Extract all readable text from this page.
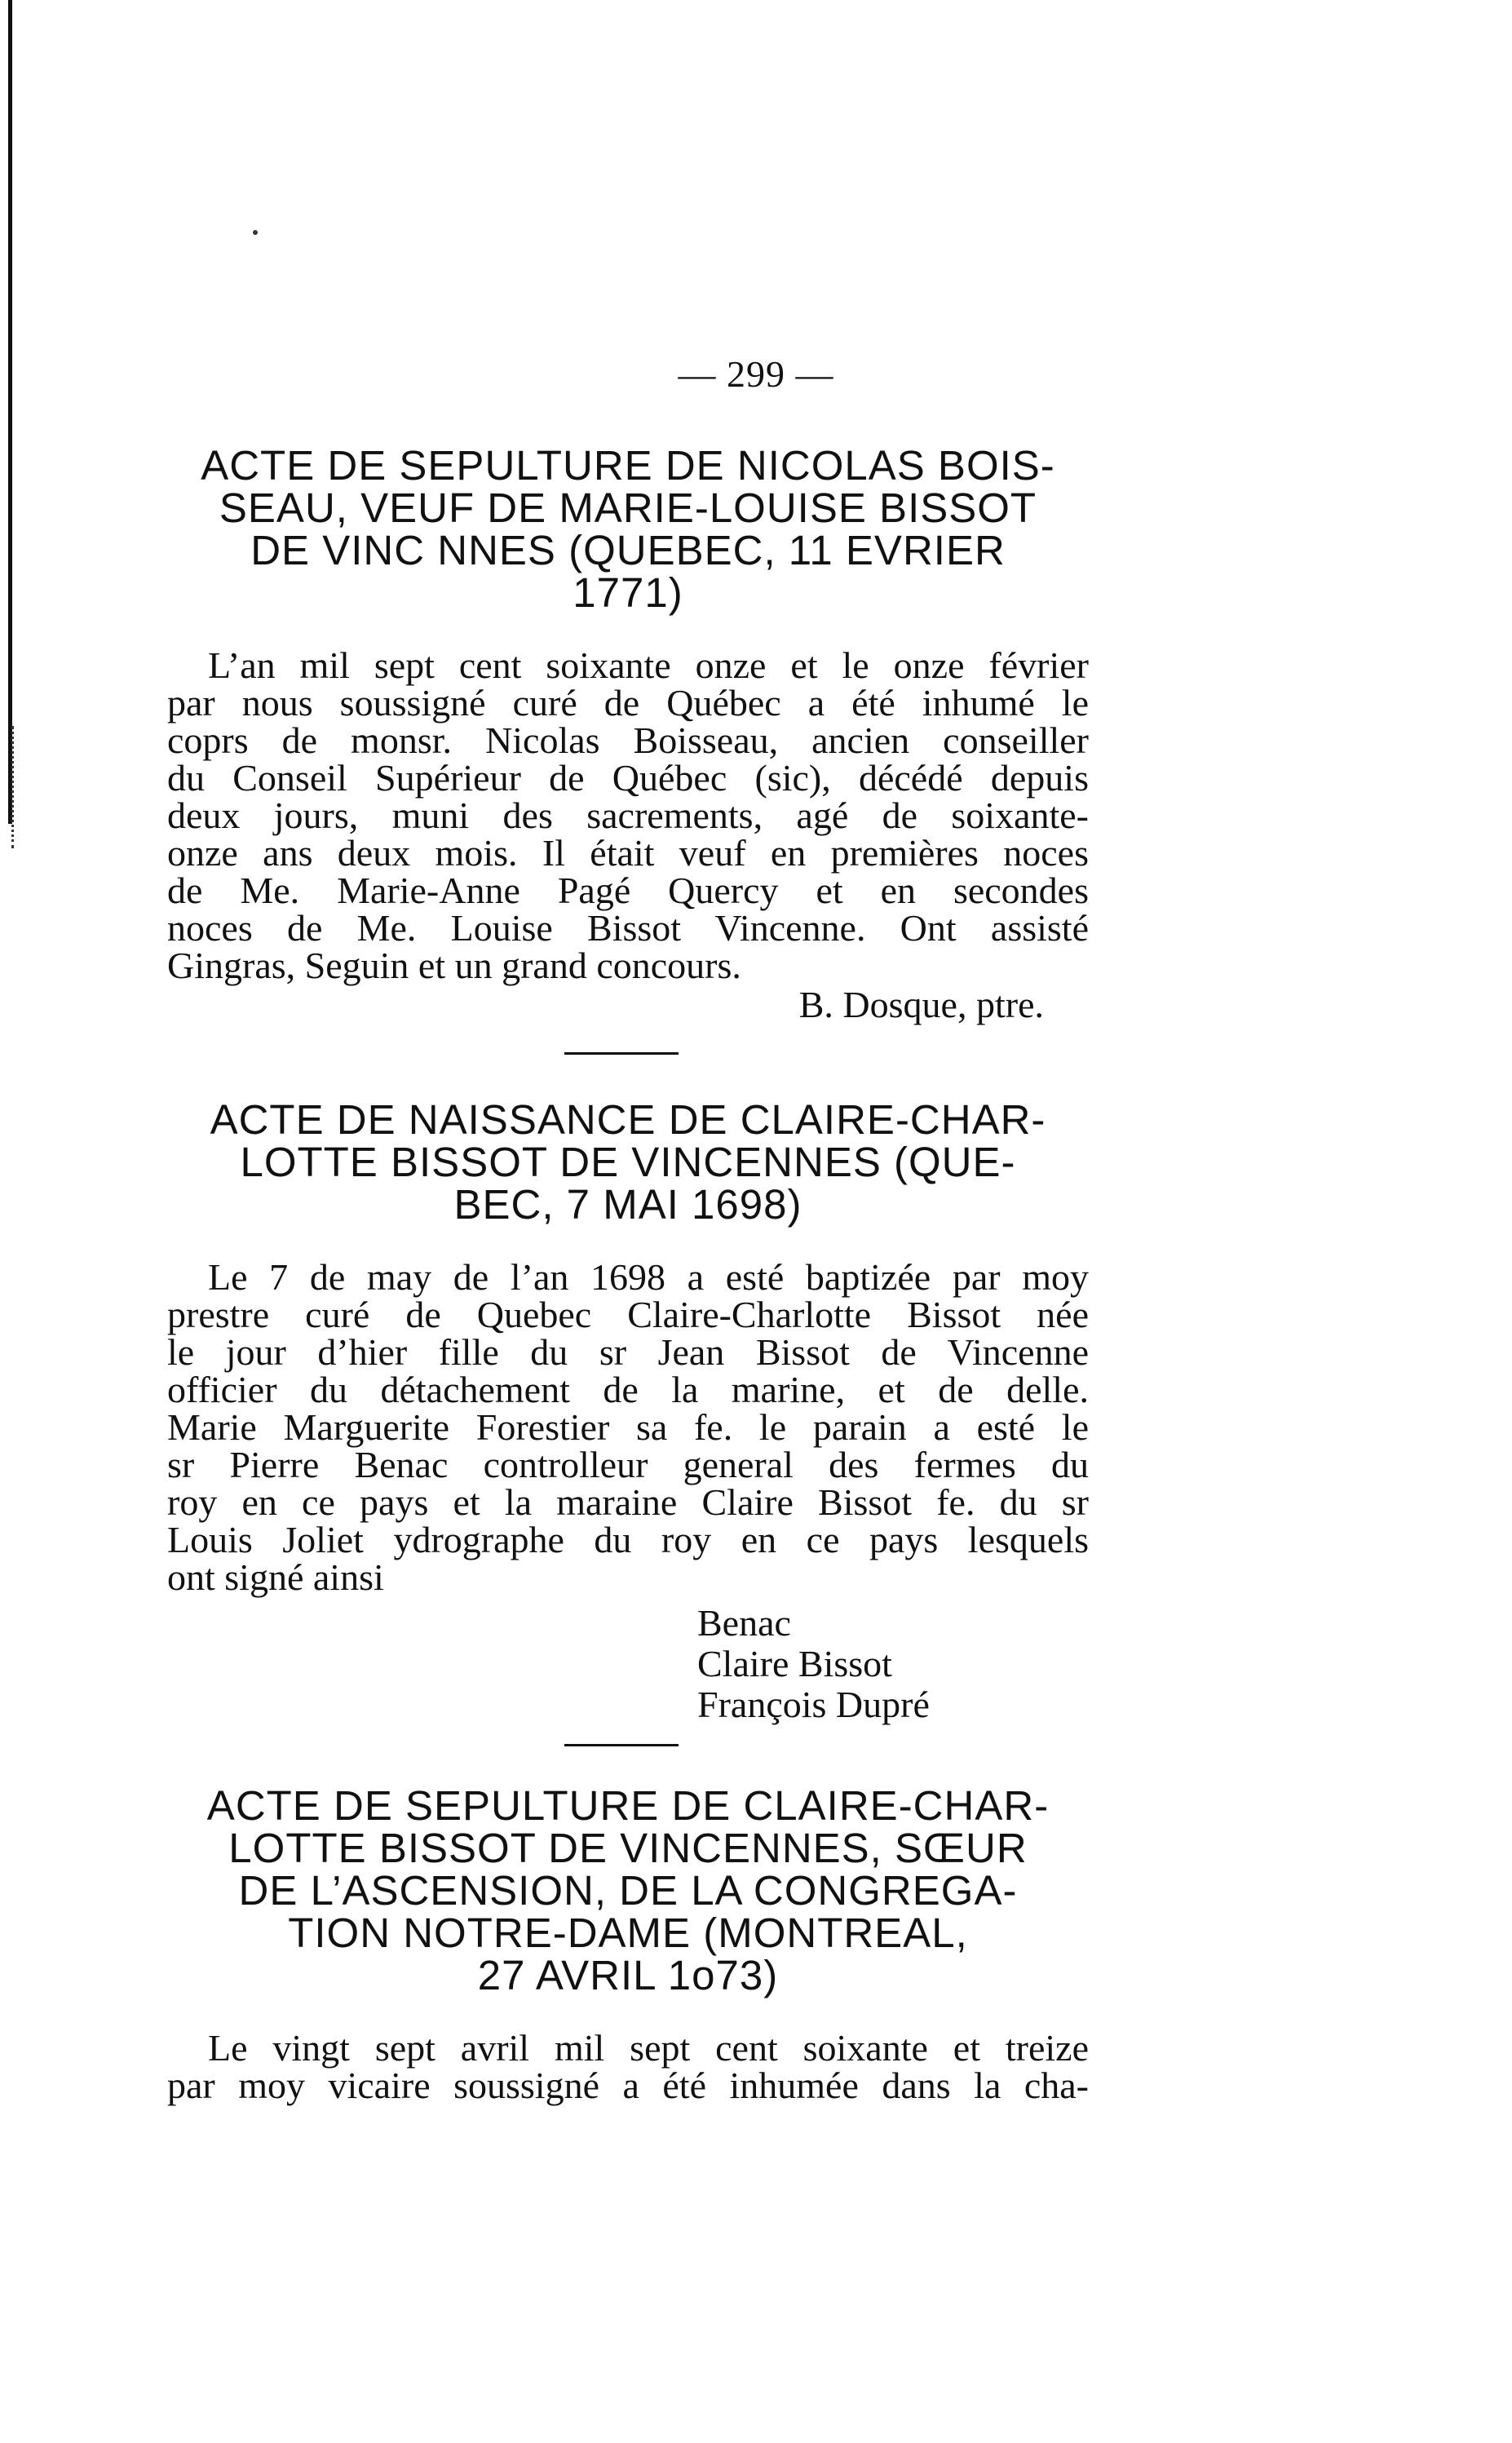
— 299 —
ACTE DE SEPULTURE DE NICOLAS BOIS-
SEAU, VEUF DE MARIE-LOUISE BISSOT
DE VINC NNES (QUEBEC, 11 EVRIER
1771)
L’an mil sept cent soixante onze et le onze février
par nous soussigné curé de Québec a été inhumé le
coprs de monsr. Nicolas Boisseau, ancien conseiller
du Conseil Supérieur de Québec (sic), décédé depuis
deux jours, muni des sacrements, agé de soixante-
onze ans deux mois. Il était veuf en premières noces
de Me. Marie-Anne Pagé Quercy et en secondes
noces de Me. Louise Bissot Vincenne. Ont assisté
Gingras, Seguin et un grand concours.
B. Dosque, ptre.
ACTE DE NAISSANCE DE CLAIRE-CHAR-
LOTTE BISSOT DE VINCENNES (QUE-
BEC, 7 MAI 1698)
Le 7 de may de l’an 1698 a esté baptizée par moy
prestre curé de Quebec Claire-Charlotte Bissot née
le jour d’hier fille du sr Jean Bissot de Vincenne
officier du détachement de la marine, et de delle.
Marie Marguerite Forestier sa fe. le parain a esté le
sr Pierre Benac controlleur general des fermes du
roy en ce pays et la maraine Claire Bissot fe. du sr
Louis Joliet ydrographe du roy en ce pays lesquels
ont signé ainsi
Benac
Claire Bissot
François Dupré
ACTE DE SEPULTURE DE CLAIRE-CHAR-
LOTTE BISSOT DE VINCENNES, SŒUR
DE L’ASCENSION, DE LA CONGREGA-
TION NOTRE-DAME (MONTREAL,
27 AVRIL 1o73)
Le vingt sept avril mil sept cent soixante et treize
par moy vicaire soussigné a été inhumée dans la cha-
